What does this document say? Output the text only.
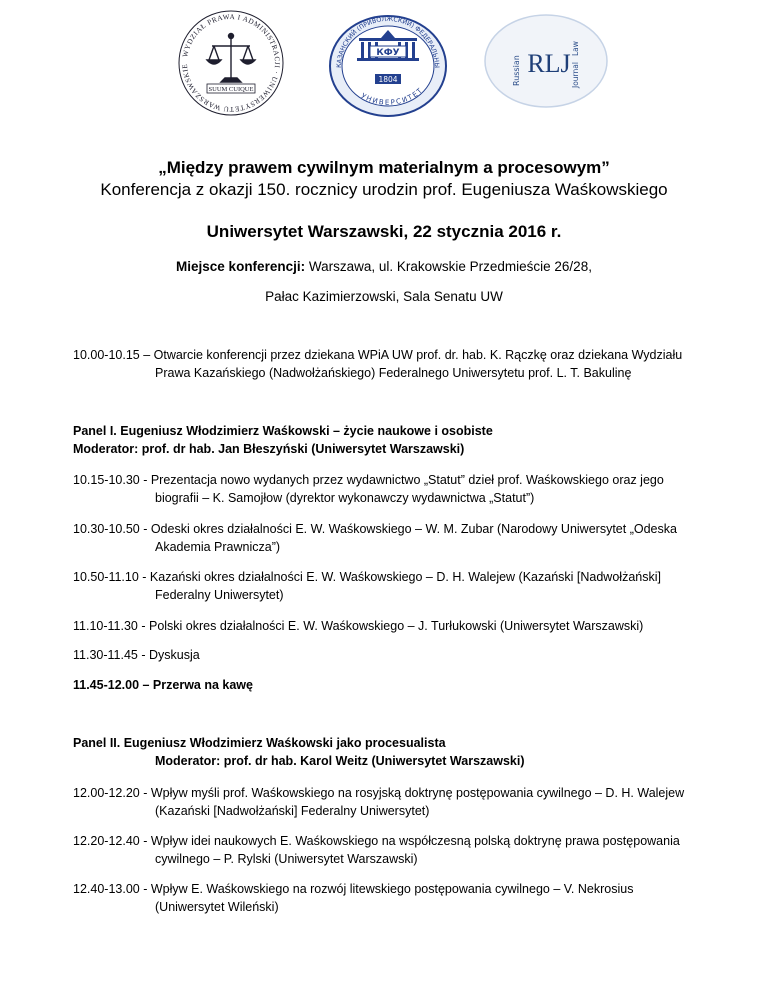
WYDZIAŁ PRAWA I ADMINISTRACJI · UNIWERSYTETU WARSZAWSKIE
SUUM CUIQUE
КАЗАНСКИЙ (ПРИВОЛЖСКИЙ) ФЕДЕРАЛЬНЫ
УНИВЕРСИТЕТ
КФУ
1804	Russian RLJ
Law
Journal
„Między prawem cywilnym materialnym a procesowym”
Konferencja z okazji 150. rocznicy urodzin prof. Eugeniusza Waśkowskiego
Uniwersytet Warszawski, 22 stycznia 2016 r.
Miejsce konferencji: Warszawa, ul. Krakowskie Przedmieście 26/28,
Pałac Kazimierzowski, Sala Senatu UW
10.00-10.15 – Otwarcie konferencji przez dziekana WPiA UW prof. dr. hab. K. Rączkę oraz dziekana Wydziału
Prawa Kazańskiego (Nadwołżańskiego) Federalnego Uniwersytetu prof. L. T. Bakulinę
Panel I. Eugeniusz Włodzimierz Waśkowski – życie naukowe i osobiste
Moderator: prof. dr hab. Jan Błeszyński (Uniwersytet Warszawski)
10.15-10.30 - Prezentacja nowo wydanych przez wydawnictwo „Statut” dzieł prof. Waśkowskiego oraz jego
biografii – K. Samojłow (dyrektor wykonawczy wydawnictwa „Statut”)
10.30-10.50 - Odeski okres działalności E. W. Waśkowskiego – W. M. Zubar (Narodowy Uniwersytet „Odeska
Akademia Prawnicza”)
10.50-11.10 - Kazański okres działalności E. W. Waśkowskiego – D. H. Walejew (Kazański [Nadwołżański]
Federalny Uniwersytet)
11.10-11.30 - Polski okres działalności E. W. Waśkowskiego – J. Turłukowski (Uniwersytet Warszawski)
11.30-11.45 - Dyskusja
11.45-12.00 – Przerwa na kawę
Panel II. Eugeniusz Włodzimierz Waśkowski jako procesualista
Moderator: prof. dr hab. Karol Weitz (Uniwersytet Warszawski)
12.00-12.20 - Wpływ myśli prof. Waśkowskiego na rosyjską doktrynę postępowania cywilnego – D. H. Walejew
(Kazański [Nadwołżański] Federalny Uniwersytet)
12.20-12.40 - Wpływ idei naukowych E. Waśkowskiego na współczesną polską doktrynę prawa postępowania
cywilnego – P. Rylski (Uniwersytet Warszawski)
12.40-13.00 - Wpływ E. Waśkowskiego na rozwój litewskiego postępowania cywilnego – V. Nekrosius
(Uniwersytet Wileński)
